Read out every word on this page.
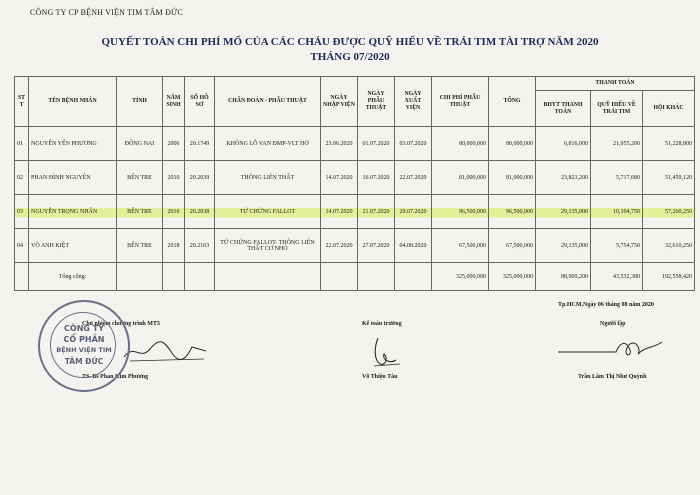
CÔNG TY CP BỆNH VIỆN TIM TÂM ĐỨC
QUYẾT TOÁN CHI PHÍ MỔ CỦA CÁC CHÁU ĐƯỢC QUỸ HIẾU VỀ TRÁI TIM TÀI TRỢ NĂM 2020
THÁNG 07/2020
ST T	TÊN BỆNH NHÂN	TỈNH	NĂM SINH	SỐ HỒ SƠ	CHẨN ĐOÁN - PHẪU THUẬT	NGÀY NHẬP VIỆN	NGÀY PHẪU THUẬT	NGÀY XUẤT VIỆN	CHI PHÍ PHẪU THUẬT	TỔNG	THANH TOÁN		
											BHYT THANH TOÁN	QUỸ HIẾU VỀ TRÁI TIM	HỘI KHÁC
01	NGUYỄN YẾN PHƯƠNG	ĐỒNG NAI	2006	20.1749	KHÔNG LỖ VAN ĐMP-VLT HỞ	23.06.2020	01.07.2020	03.07.2020	80,000,000	80,000,000	6,816,000	21,955,200	51,228,800
02	PHAN ĐÌNH NGUYÊN	BẾN TRE	2010	20.2039	THÔNG LIÊN THẤT	14.07.2020	16.07.2020	22.07.2020	81,000,000	81,000,000	23,823,200	5,717,680	51,459,120
03	NGUYỄN TRỌNG NHÂN	BẾN TRE	2016	20.2038	TỨ CHỨNG FALLOT	14.07.2020	21.07.2020	29.07.2020	96,500,000	96,500,000	29,135,000	10,104,750	57,260,250
04	VÕ ANH KIỆT	BẾN TRE	2018	20.2163	TỨ CHỨNG FALLOT- THÔNG LIÊN THẤT CƠ NHỎ	22.07.2020	27.07.2020	04.08.2020	67,500,000	67,500,000	29,135,000	5,754,750	32,610,250
	Tổng cộng:								325,000,000	325,000,000	88,909,200	43,532,380	192,558,420
Tp.HCM,Ngày 06 tháng 08 năm 2020
Chủ nhiệm chương trình MT3	Kế toán trưởng	Người lập
TS. Bs Phan Kim Phương	Võ Thiện Tâu	Trần Lâm Thị Như Quỳnh
CÔNG TY
CỔ PHẦN
BỆNH VIỆN TIM
TÂM ĐỨC
